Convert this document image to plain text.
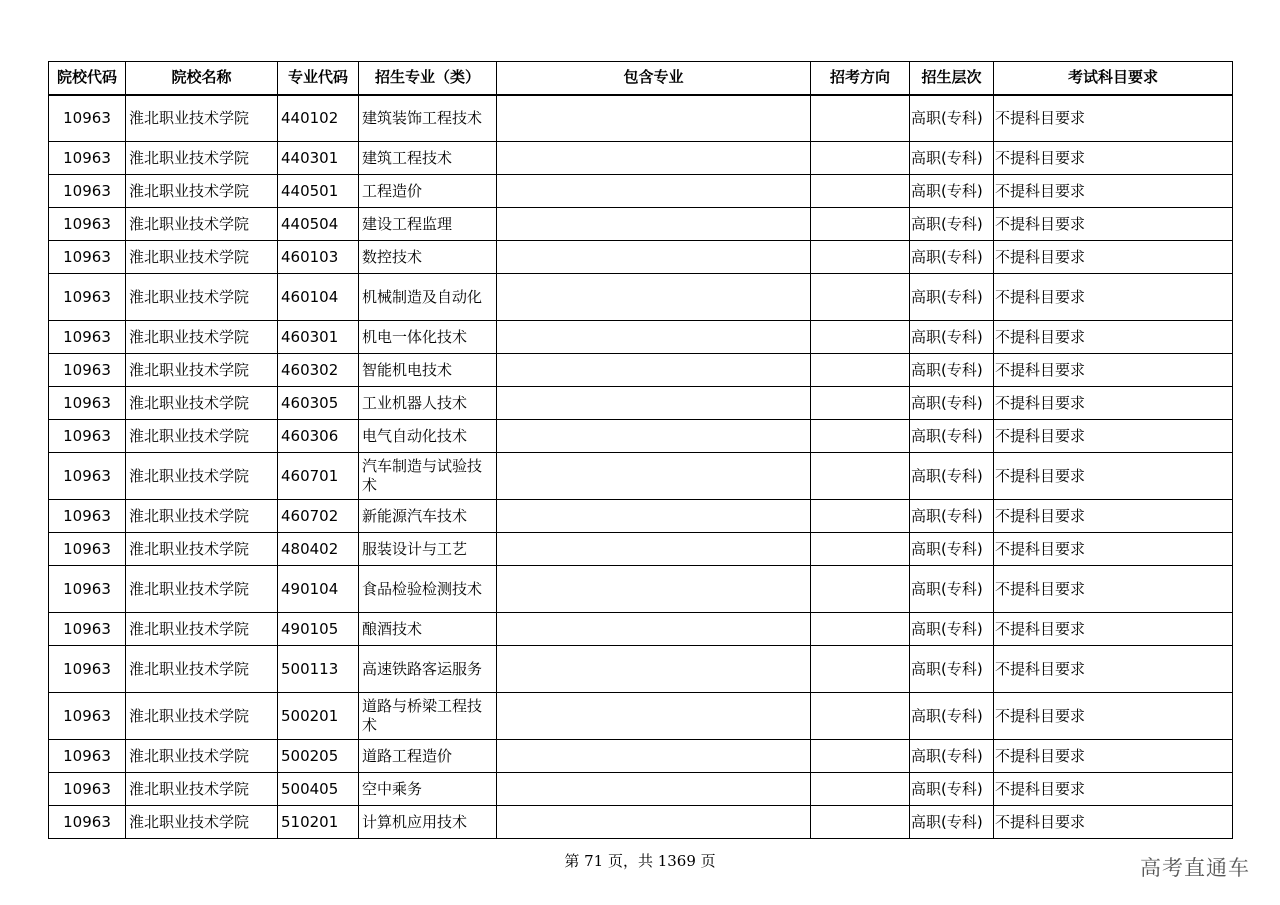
院校代码	院校名称	专业代码	招生专业（类）	包含专业	招考方向	招生层次	考试科目要求
10963	淮北职业技术学院	440102	建筑装饰工程技术			高职(专科)	不提科目要求
10963	淮北职业技术学院	440301	建筑工程技术			高职(专科)	不提科目要求
10963	淮北职业技术学院	440501	工程造价			高职(专科)	不提科目要求
10963	淮北职业技术学院	440504	建设工程监理			高职(专科)	不提科目要求
10963	淮北职业技术学院	460103	数控技术			高职(专科)	不提科目要求
10963	淮北职业技术学院	460104	机械制造及自动化			高职(专科)	不提科目要求
10963	淮北职业技术学院	460301	机电一体化技术			高职(专科)	不提科目要求
10963	淮北职业技术学院	460302	智能机电技术			高职(专科)	不提科目要求
10963	淮北职业技术学院	460305	工业机器人技术			高职(专科)	不提科目要求
10963	淮北职业技术学院	460306	电气自动化技术			高职(专科)	不提科目要求
10963	淮北职业技术学院	460701	汽车制造与试验技术			高职(专科)	不提科目要求
10963	淮北职业技术学院	460702	新能源汽车技术			高职(专科)	不提科目要求
10963	淮北职业技术学院	480402	服装设计与工艺			高职(专科)	不提科目要求
10963	淮北职业技术学院	490104	食品检验检测技术			高职(专科)	不提科目要求
10963	淮北职业技术学院	490105	酿酒技术			高职(专科)	不提科目要求
10963	淮北职业技术学院	500113	高速铁路客运服务			高职(专科)	不提科目要求
10963	淮北职业技术学院	500201	道路与桥梁工程技术			高职(专科)	不提科目要求
10963	淮北职业技术学院	500205	道路工程造价			高职(专科)	不提科目要求
10963	淮北职业技术学院	500405	空中乘务			高职(专科)	不提科目要求
10963	淮北职业技术学院	510201	计算机应用技术			高职(专科)	不提科目要求
第 71 页，共 1369 页	高考直通车
